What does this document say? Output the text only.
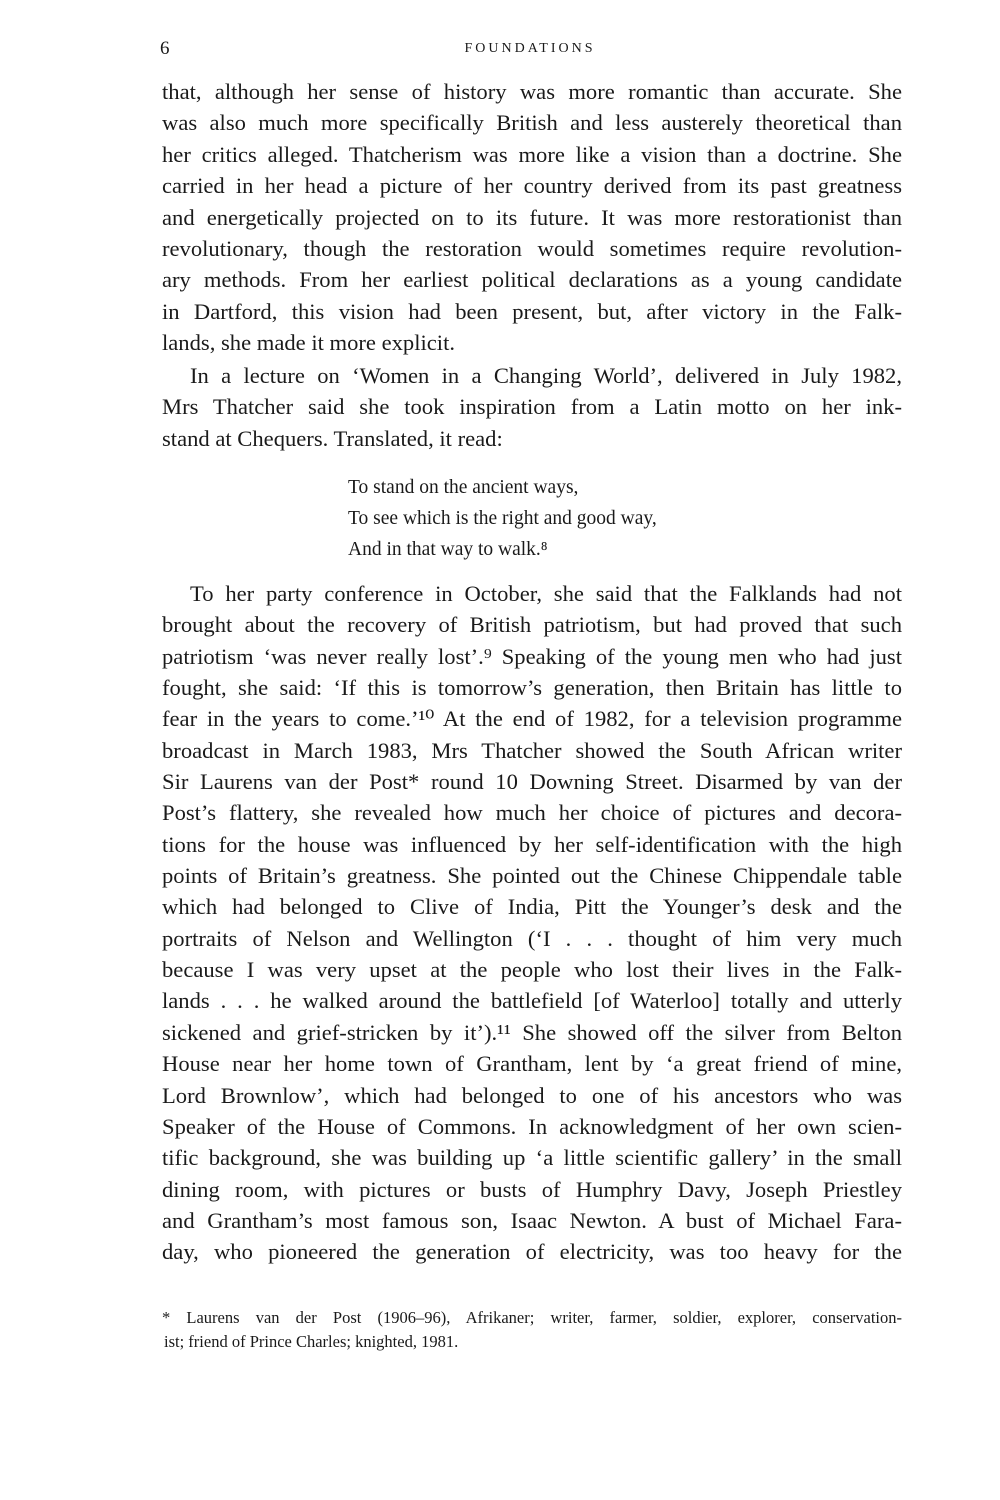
6	FOUNDATIONS
that, although her sense of history was more romantic than accurate. She
was also much more specifically British and less austerely theoretical than
her critics alleged. Thatcherism was more like a vision than a doctrine. She
carried in her head a picture of her country derived from its past greatness
and energetically projected on to its future. It was more restorationist than
revolutionary, though the restoration would sometimes require revolution-
ary methods. From her earliest political declarations as a young candidate
in Dartford, this vision had been present, but, after victory in the Falk-
lands, she made it more explicit.
In a lecture on ‘Women in a Changing World’, delivered in July 1982,
Mrs Thatcher said she took inspiration from a Latin motto on her ink-
stand at Chequers. Translated, it read:
To stand on the ancient ways,
To see which is the right and good way,
And in that way to walk.⁸
To her party conference in October, she said that the Falklands had not
brought about the recovery of British patriotism, but had proved that such
patriotism ‘was never really lost’.⁹ Speaking of the young men who had just
fought, she said: ‘If this is tomorrow’s generation, then Britain has little to
fear in the years to come.’¹⁰ At the end of 1982, for a television programme
broadcast in March 1983, Mrs Thatcher showed the South African writer
Sir Laurens van der Post* round 10 Downing Street. Disarmed by van der
Post’s flattery, she revealed how much her choice of pictures and decora-
tions for the house was influenced by her self-identification with the high
points of Britain’s greatness. She pointed out the Chinese Chippendale table
which had belonged to Clive of India, Pitt the Younger’s desk and the
portraits of Nelson and Wellington (‘I . . . thought of him very much
because I was very upset at the people who lost their lives in the Falk-
lands . . . he walked around the battlefield [of Waterloo] totally and utterly
sickened and grief-stricken by it’).¹¹ She showed off the silver from Belton
House near her home town of Grantham, lent by ‘a great friend of mine,
Lord Brownlow’, which had belonged to one of his ancestors who was
Speaker of the House of Commons. In acknowledgment of her own scien-
tific background, she was building up ‘a little scientific gallery’ in the small
dining room, with pictures or busts of Humphry Davy, Joseph Priestley
and Grantham’s most famous son, Isaac Newton. A bust of Michael Fara-
day, who pioneered the generation of electricity, was too heavy for the
* Laurens van der Post (1906–96), Afrikaner; writer, farmer, soldier, explorer, conservation-
ist; friend of Prince Charles; knighted, 1981.
